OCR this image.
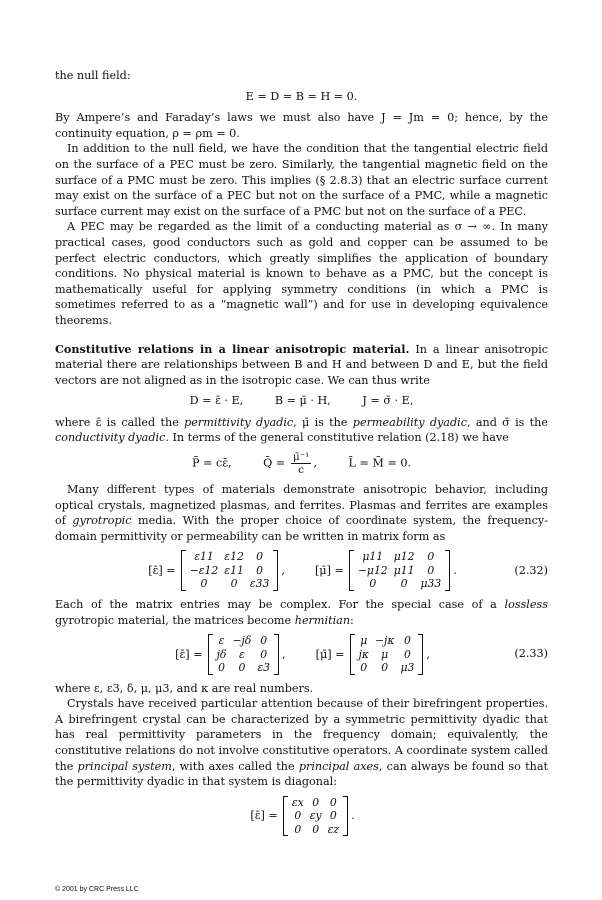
the null field:

E = D = B = H = 0.

By Ampere’s and Faraday’s laws we must also have J = Jm = 0; hence, by the continuity equation, ρ = ρm = 0.

In addition to the null field, we have the condition that the tangential electric field on the surface of a PEC must be zero. Similarly, the tangential magnetic field on the surface of a PMC must be zero. This implies (§ 2.8.3) that an electric surface current may exist on the surface of a PEC but not on the surface of a PMC, while a magnetic surface current may exist on the surface of a PMC but not on the surface of a PEC.

A PEC may be regarded as the limit of a conducting material as σ → ∞. In many practical cases, good conductors such as gold and copper can be assumed to be perfect electric conductors, which greatly simplifies the application of boundary conditions. No physical material is known to behave as a PMC, but the concept is mathematically useful for applying symmetry conditions (in which a PMC is sometimes referred to as a “magnetic wall”) and for use in developing equivalence theorems.

Constitutive relations in a linear anisotropic material. In a linear anisotropic material there are relationships between B and H and between D and E, but the field vectors are not aligned as in the isotropic case. We can thus write

D = ε̄ · E,	B = μ̄ · H,	J = σ̄ · E,

where ε̄ is called the permittivity dyadic, μ̄ is the permeability dyadic, and σ̄ is the conductivity dyadic. In terms of the general constitutive relation (2.18) we have

P̄ = cε̄,	Q̄ = $\frac{\text{μ̄⁻¹}}{c}$ ,	L̄ = M̄ = 0.

Many different types of materials demonstrate anisotropic behavior, including optical crystals, magnetized plasmas, and ferrites. Plasmas and ferrites are examples of gyrotropic media. With the proper choice of coordinate system, the frequency-domain permittivity or permeability can be written in matrix form as

[ε̄] =
ε11	ε12	0
−ε12	ε11	0
0	0	ε33
,	[μ̄] =
μ11	μ12	0
−μ12	μ11	0
0	0	μ33
.	(2.32)

Each of the matrix entries may be complex. For the special case of a lossless gyrotropic material, the matrices become hermitian:

[ε̄] =
ε	−jδ	0
jδ	ε	0
0	0	ε3
,	[μ̄] =
μ	−jκ	0
jκ	μ	0
0	0	μ3
,	(2.33)

where ε, ε3, δ, μ, μ3, and κ are real numbers.

Crystals have received particular attention because of their birefringent properties. A birefringent crystal can be characterized by a symmetric permittivity dyadic that has real permittivity parameters in the frequency domain; equivalently, the constitutive relations do not involve constitutive operators. A coordinate system called the principal system, with axes called the principal axes, can always be found so that the permittivity dyadic in that system is diagonal:

[ε̄] =
εx	0	0
0	εy	0
0	0	εz
.
© 2001 by CRC Press LLC
